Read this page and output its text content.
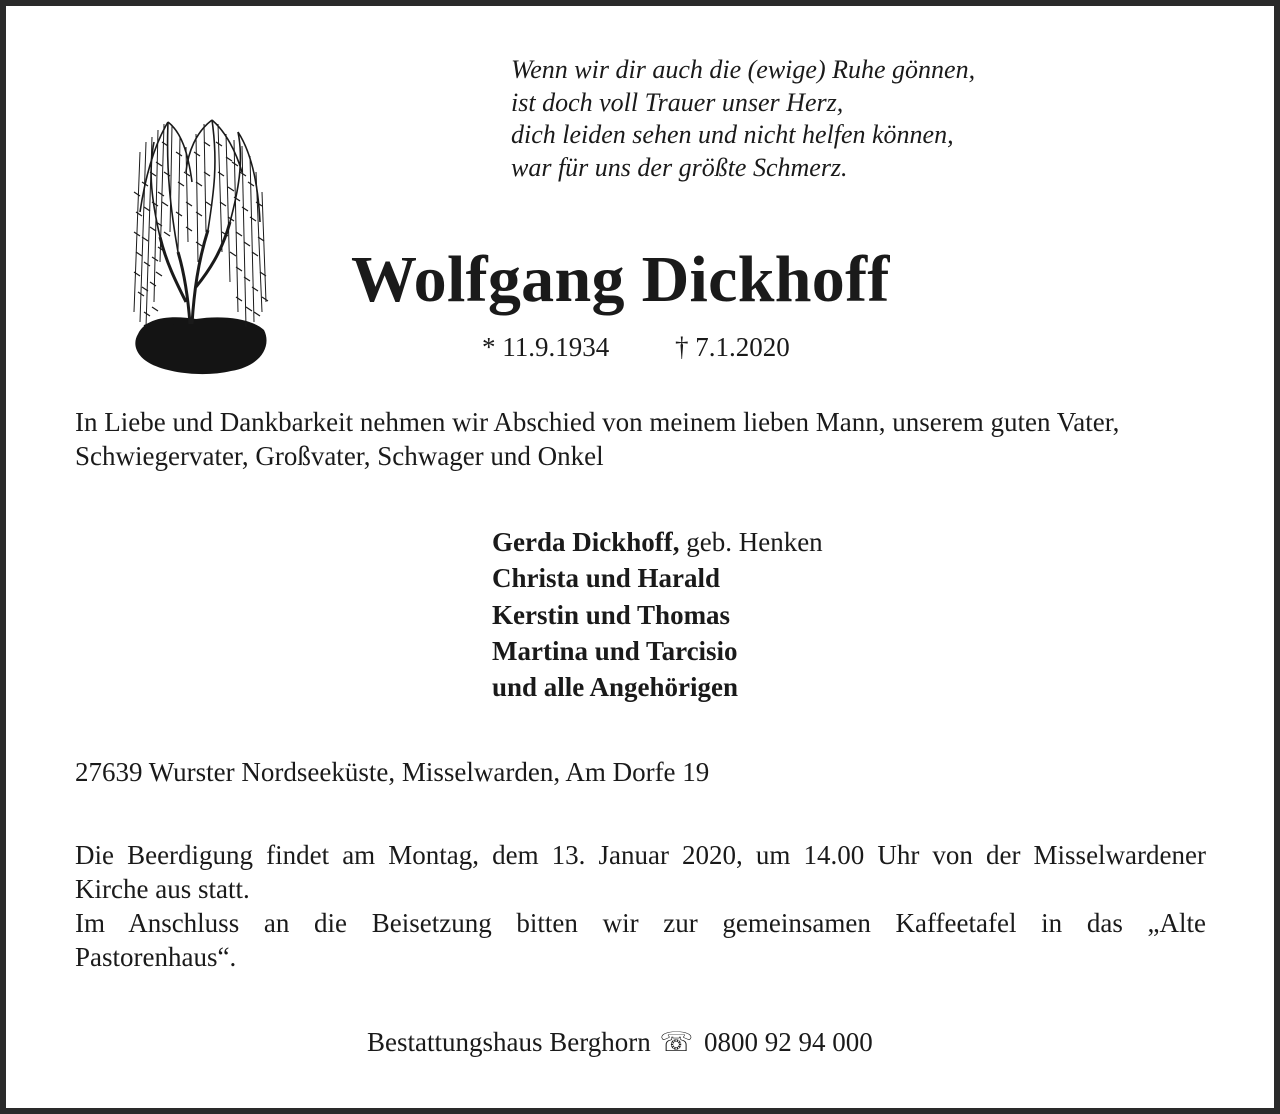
Wenn wir dir auch die (ewige) Ruhe gönnen,
ist doch voll Trauer unser Herz,
dich leiden sehen und nicht helfen können,
war für uns der größte Schmerz.
Wolfgang Dickhoff
* 11.9.1934 † 7.1.2020
In Liebe und Dankbarkeit nehmen wir Abschied von meinem lieben Mann, unserem guten Vater,
Schwiegervater, Großvater, Schwager und Onkel
Gerda Dickhoff, geb. Henken
Christa und Harald
Kerstin und Thomas
Martina und Tarcisio
und alle Angehörigen
27639 Wurster Nordseeküste, Misselwarden, Am Dorfe 19
Die Beerdigung findet am Montag, dem 13. Januar 2020, um 14.00 Uhr von der Misselwardener
Kirche aus statt.
Im Anschluss an die Beisetzung bitten wir zur gemeinsamen Kaffeetafel in das „Alte
Pastorenhaus“.
Bestattungshaus Berghorn ☏ 0800 92 94 000
